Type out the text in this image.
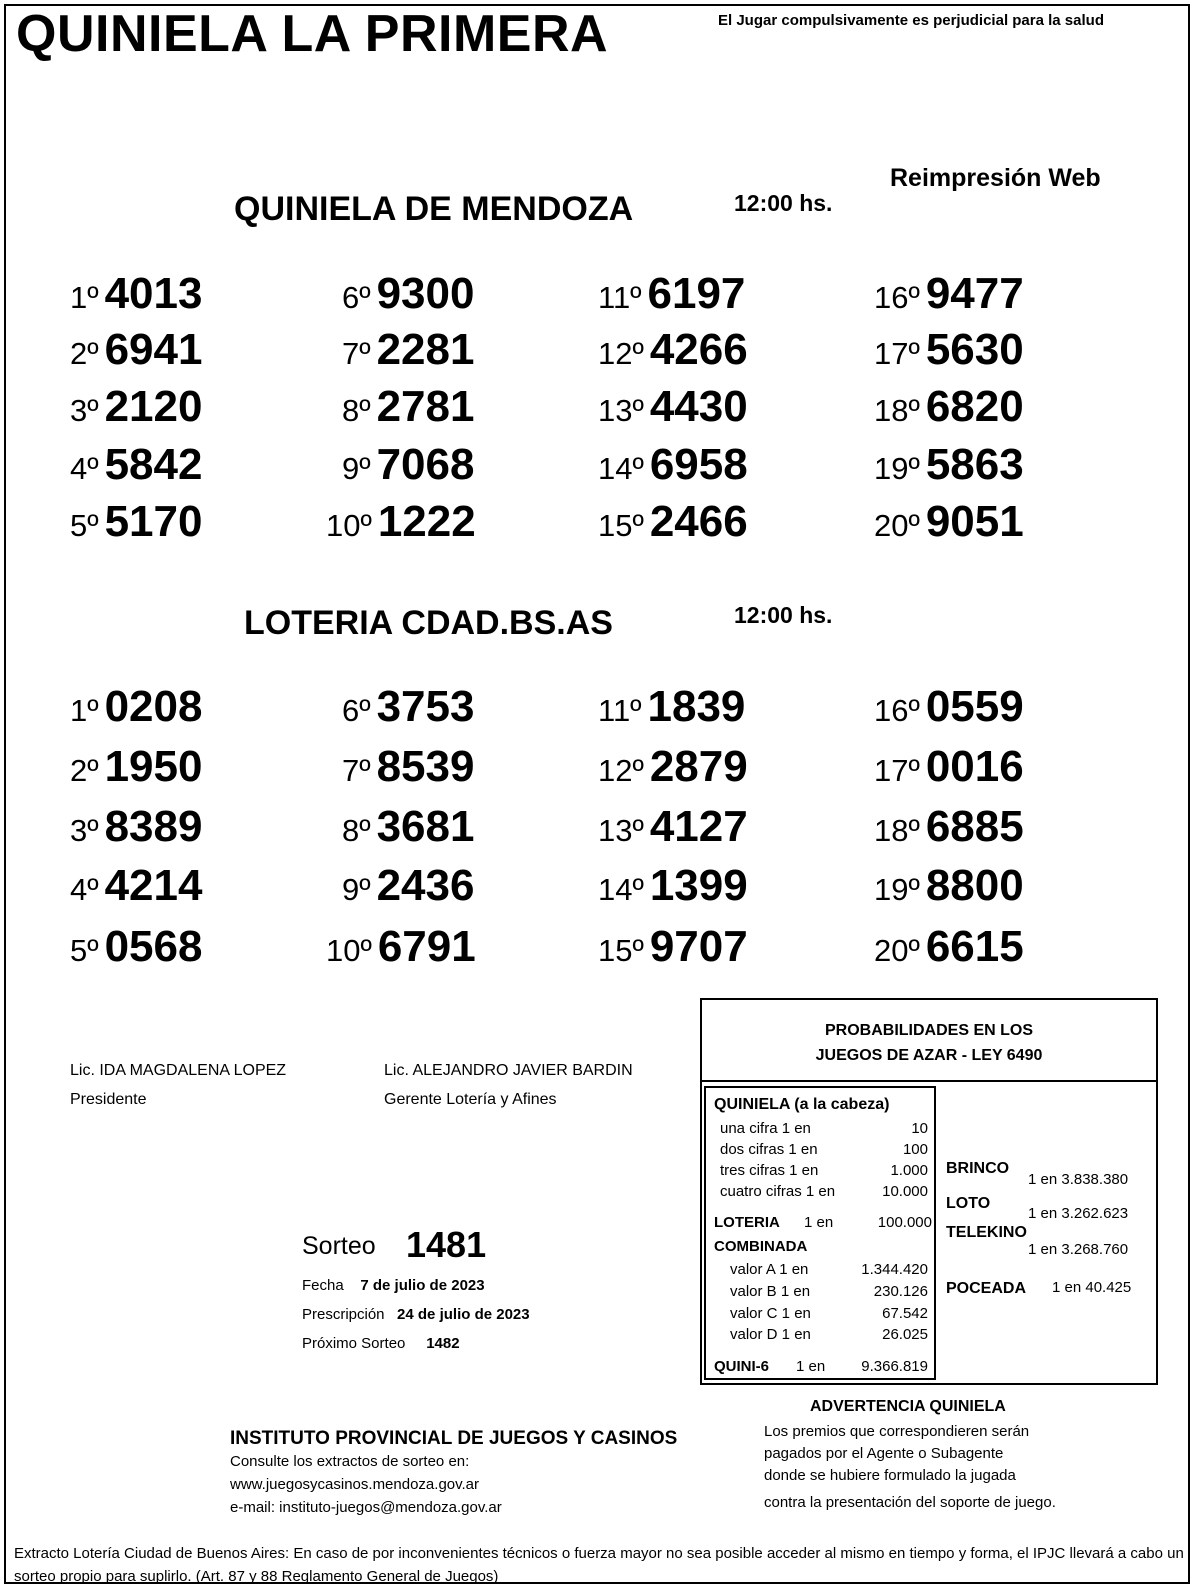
QUINIELA LA PRIMERA	El Jugar compulsivamente es perjudicial para la salud
Reimpresión Web
QUINIELA DE MENDOZA	12:00 hs.
1º 4013
2º 6941
3º 2120
4º 5842
5º 5170
6º 9300
7º 2281
8º 2781
9º 7068
10º 1222
11º 6197
12º 4266
13º 4430
14º 6958
15º 2466
16º 9477
17º 5630
18º 6820
19º 5863
20º 9051
LOTERIA CDAD.BS.AS	12:00 hs.
1º 0208
2º 1950
3º 8389
4º 4214
5º 0568
6º 3753
7º 8539
8º 3681
9º 2436
10º 6791
11º 1839
12º 2879
13º 4127
14º 1399
15º 9707
16º 0559
17º 0016
18º 6885
19º 8800
20º 6615
Lic. IDA MAGDALENA LOPEZ
Presidente
Lic. ALEJANDRO JAVIER BARDIN
Gerente Lotería y Afines
Sorteo 1481
Fecha 7 de julio de 2023
Prescripción 24 de julio de 2023
Próximo Sorteo 1482
PROBABILIDADES EN LOS
JUEGOS DE AZAR - LEY 6490
QUINIELA (a la cabeza)
una cifra 1 en	10
dos cifras 1 en	100
tres cifras 1 en	1.000
cuatro cifras 1 en	10.000
LOTERIA 1 en	100.000
COMBINADA
valor A 1 en	1.344.420
valor B 1 en	230.126
valor C 1 en	67.542
valor D 1 en	26.025
QUINI-6 1 en	9.366.819
BRINCO
1 en 3.838.380
LOTO
1 en 3.262.623
TELEKINO
1 en 3.268.760
POCEADA 1 en 40.425
ADVERTENCIA QUINIELA
Los premios que correspondieren serán
pagados por el Agente o Subagente
donde se hubiere formulado la jugada
contra la presentación del soporte de juego.
INSTITUTO PROVINCIAL DE JUEGOS Y CASINOS
Consulte los extractos de sorteo en:
www.juegosycasinos.mendoza.gov.ar
e-mail: instituto-juegos@mendoza.gov.ar
Extracto Lotería Ciudad de Buenos Aires: En caso de por inconvenientes técnicos o fuerza mayor no sea posible acceder al mismo en tiempo y forma, el IPJC llevará a cabo un sorteo propio para suplirlo. (Art. 87 y 88 Reglamento General de Juegos)
